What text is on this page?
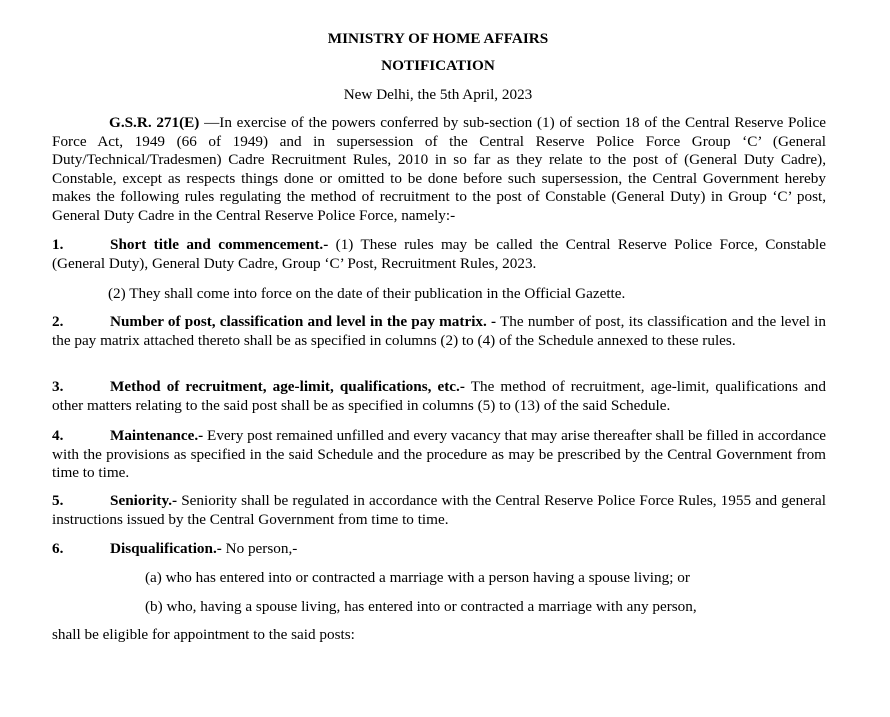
MINISTRY OF HOME AFFAIRS
NOTIFICATION
New Delhi, the 5th April, 2023
G.S.R. 271(E) —In exercise of the powers conferred by sub-section (1) of section 18 of the Central Reserve Police Force Act, 1949 (66 of 1949) and in supersession of the Central Reserve Police Force Group ‘C’ (General Duty/Technical/Tradesmen) Cadre Recruitment Rules, 2010 in so far as they relate to the post of (General Duty Cadre), Constable, except as respects things done or omitted to be done before such supersession, the Central Government hereby makes the following rules regulating the method of recruitment to the post of Constable (General Duty) in Group ‘C’ post, General Duty Cadre in the Central Reserve Police Force, namely:-
1.	Short title and commencement.- (1) These rules may be called the Central Reserve Police Force, Constable (General Duty), General Duty Cadre, Group ‘C’ Post, Recruitment Rules, 2023.
(2) They shall come into force on the date of their publication in the Official Gazette.
2.	Number of post, classification and level in the pay matrix. - The number of post, its classification and the level in the pay matrix attached thereto shall be as specified in columns (2) to (4) of the Schedule annexed to these rules.
3.	Method of recruitment, age-limit, qualifications, etc.- The method of recruitment, age-limit, qualifications and other matters relating to the said post shall be as specified in columns (5) to (13) of the said Schedule.
4.	Maintenance.- Every post remained unfilled and every vacancy that may arise thereafter shall be filled in accordance with the provisions as specified in the said Schedule and the procedure as may be prescribed by the Central Government from time to time.
5.	Seniority.- Seniority shall be regulated in accordance with the Central Reserve Police Force Rules, 1955 and general instructions issued by the Central Government from time to time.
6.	Disqualification.- No person,-
(a) who has entered into or contracted a marriage with a person having a spouse living; or
(b) who, having a spouse living, has entered into or contracted a marriage with any person,
shall be eligible for appointment to the said posts:
